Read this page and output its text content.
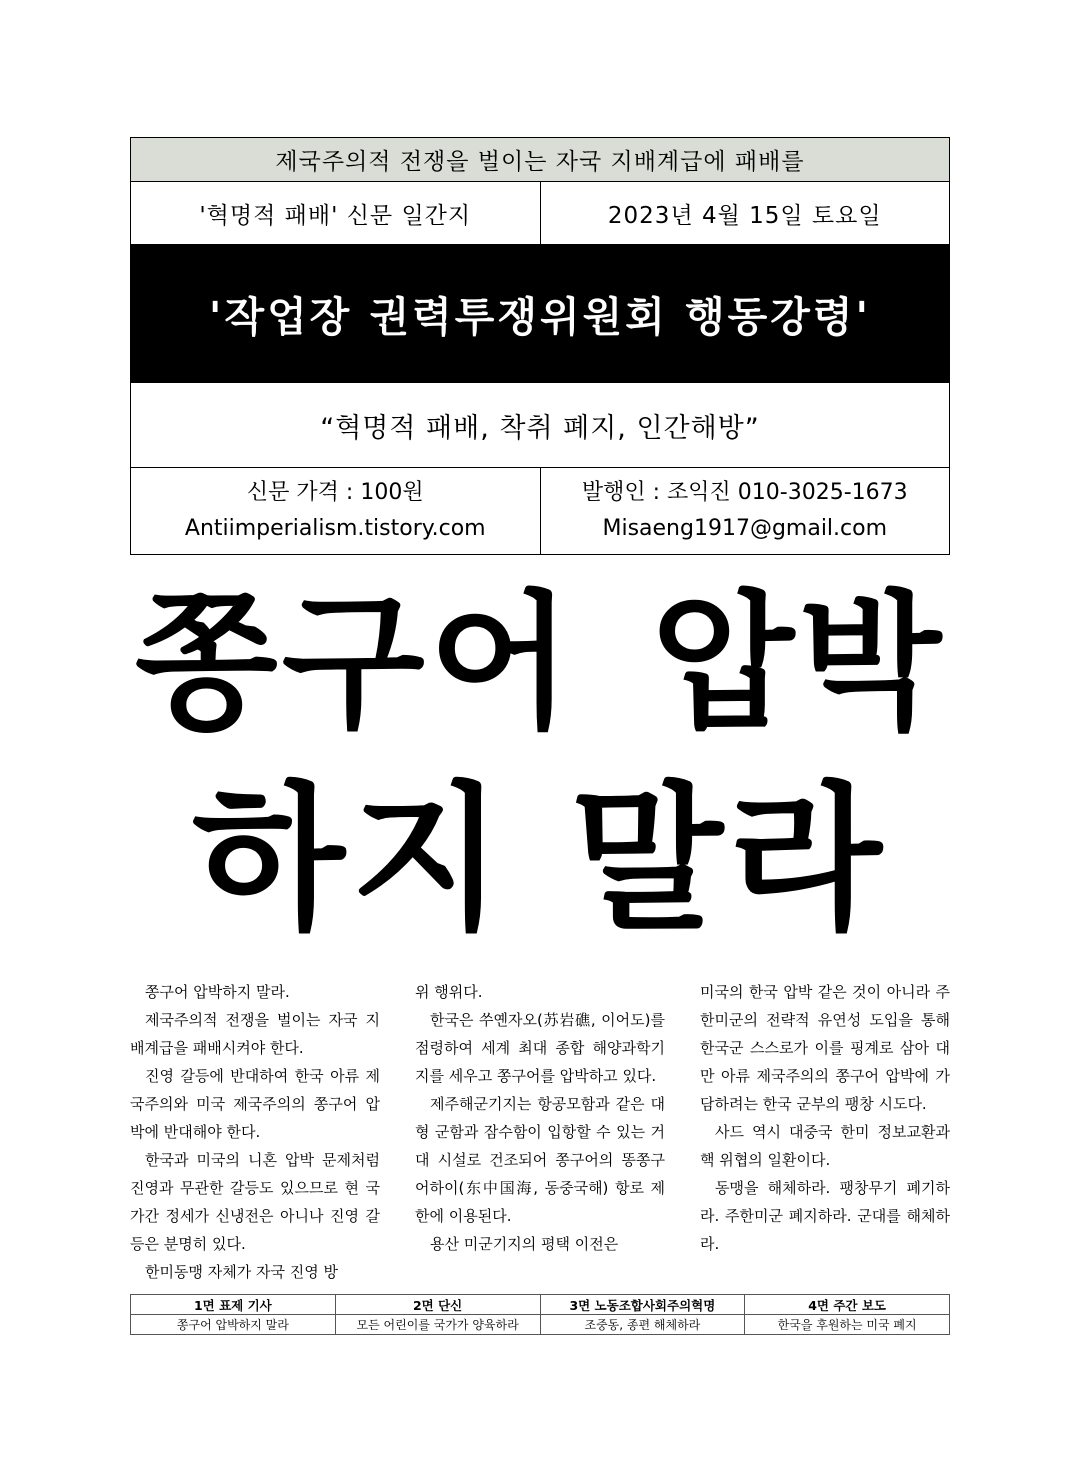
제국주의적 전쟁을 벌이는 자국 지배계급에 패배를
'혁명적 패배' 신문 일간지	2023년 4월 15일 토요일
'작업장 권력투쟁위원회 행동강령'
“혁명적 패배, 착취 폐지, 인간해방”
신문 가격 : 100원
Antiimperialism.tistory.com
발행인 : 조익진 010-3025-1673
Misaeng1917@gmail.com
쫑구어 압박
하지 말라

쫑구어 압박하지 말라.

제국주의적 전쟁을 벌이는 자국 지배계급을 패배시켜야 한다.

진영 갈등에 반대하여 한국 아류 제국주의와 미국 제국주의의 쫑구어 압박에 반대해야 한다.

한국과 미국의 니혼 압박 문제처럼 진영과 무관한 갈등도 있으므로 현 국가간 정세가 신냉전은 아니나 진영 갈등은 분명히 있다.

한미동맹 자체가 자국 진영 방

위 행위다.

한국은 쑤옌자오(苏岩礁, 이어도)를 점령하여 세계 최대 종합 해양과학기지를 세우고 쫑구어를 압박하고 있다.

제주해군기지는 항공모함과 같은 대형 군함과 잠수함이 입항할 수 있는 거대 시설로 건조되어 쫑구어의 똥쫑구어하이(东中国海, 동중국해) 항로 제한에 이용된다.

용산 미군기지의 평택 이전은

미국의 한국 압박 같은 것이 아니라 주한미군의 전략적 유연성 도입을 통해 한국군 스스로가 이를 핑계로 삼아 대만 아류 제국주의의 쫑구어 압박에 가담하려는 한국 군부의 팽창 시도다.

사드 역시 대중국 한미 정보교환과 핵 위협의 일환이다.

동맹을 해체하라. 팽창무기 폐기하라. 주한미군 폐지하라. 군대를 해체하라.

1면 표제 기사	2면 단신	3면 노동조합사회주의혁명	4면 주간 보도
쫑구어 압박하지 말라	모든 어린이를 국가가 양육하라	조중동, 종편 해체하라	한국을 후원하는 미국 폐지
